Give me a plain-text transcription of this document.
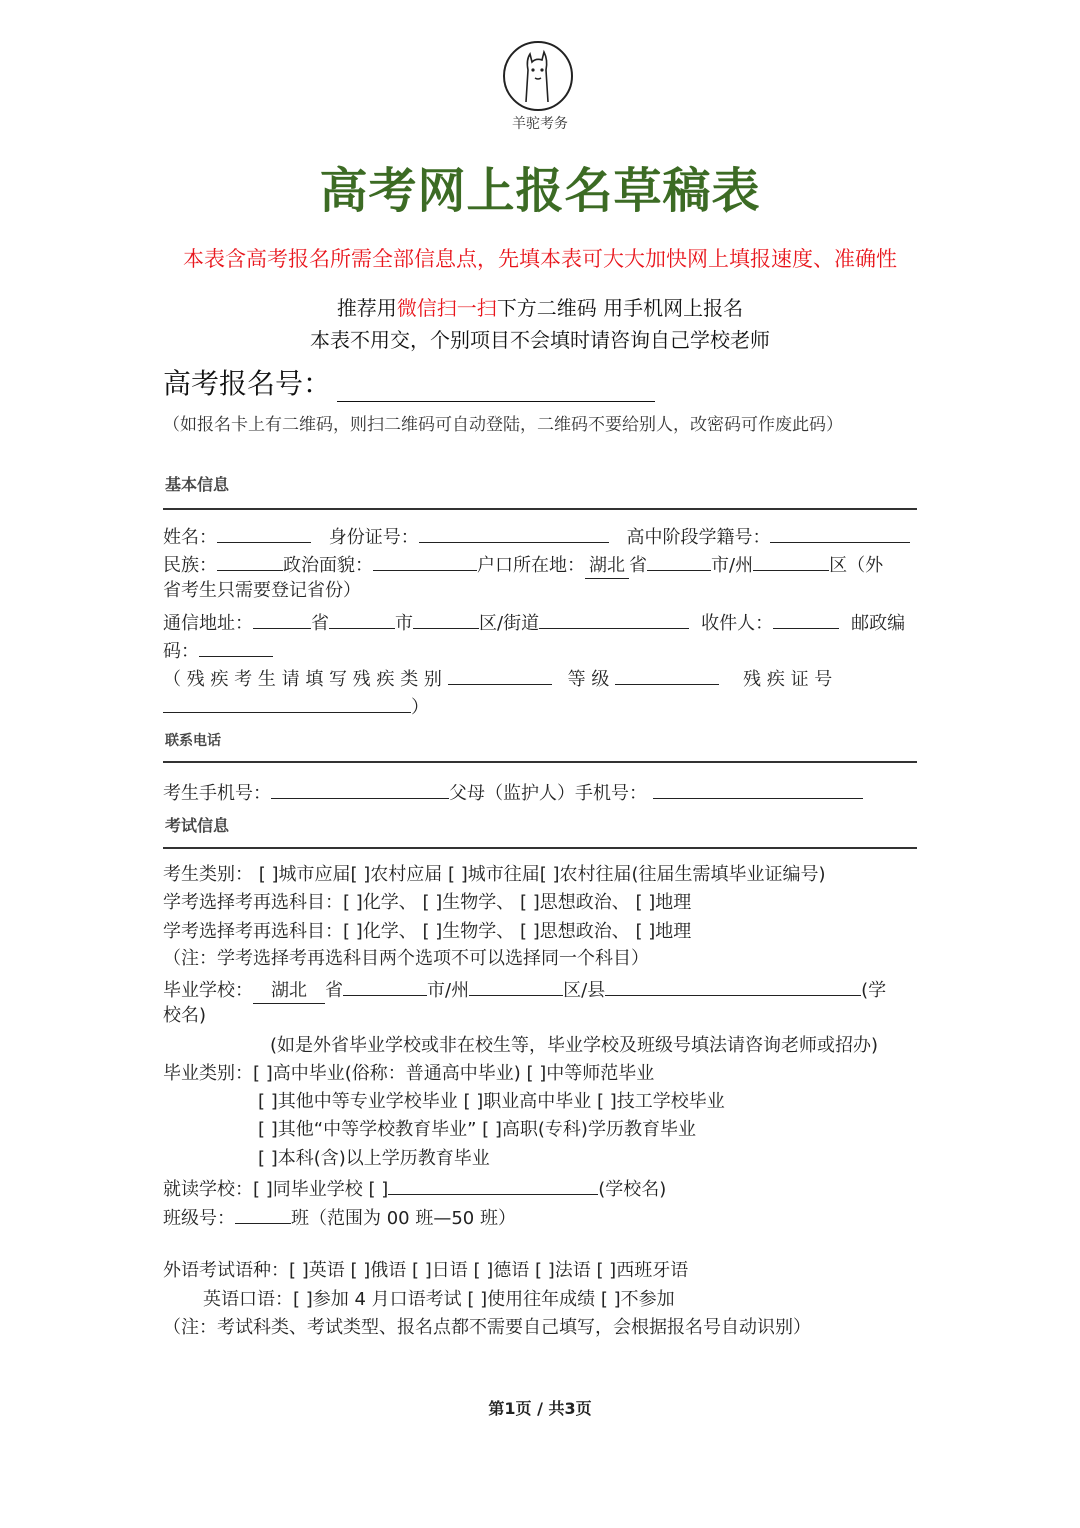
羊驼考务
高考网上报名草稿表
本表含高考报名所需全部信息点，先填本表可大大加快网上填报速度、准确性
推荐用微信扫一扫下方二维码 用手机网上报名
本表不用交，个别项目不会填时请咨询自己学校老师
高考报名号：
（如报名卡上有二维码，则扫二维码可自动登陆，二维码不要给别人，改密码可作废此码）
基本信息
姓名：	身份证号：	高中阶段学籍号：
民族：	政治面貌：	户口所在地： 湖北 省	市/州	区（外
省考生只需要登记省份）
通信地址：	省	市	区/街道	收件人：	邮政编
码：
（ 残 疾 考 生 请 填 写 残 疾 类 别	等 级	残 疾 证 号
）
联系电话
考生手机号：	父母（监护人）手机号：
考试信息
考生类别： [ ]城市应届[ ]农村应届 [ ]城市往届[ ]农村往届(往届生需填毕业证编号)
学考选择考再选科目：[ ]化学、 [ ]生物学、 [ ]思想政治、 [ ]地理
学考选择考再选科目：[ ]化学、 [ ]生物学、 [ ]思想政治、 [ ]地理
（注：学考选择考再选科目两个选项不可以选择同一个科目）
毕业学校： 湖北 省	市/州	区/县	(学
校名)
(如是外省毕业学校或非在校生等，毕业学校及班级号填法请咨询老师或招办)
毕业类别：[ ]高中毕业(俗称：普通高中毕业) [ ]中等师范毕业
[ ]其他中等专业学校毕业 [ ]职业高中毕业 [ ]技工学校毕业
[ ]其他“中等学校教育毕业” [ ]高职(专科)学历教育毕业
[ ]本科(含)以上学历教育毕业
就读学校：[ ]同毕业学校 [ ]	(学校名)
班级号：	班（范围为 00 班—50 班）
外语考试语种：[ ]英语 [ ]俄语 [ ]日语 [ ]德语 [ ]法语 [ ]西班牙语
英语口语：[ ]参加 4 月口语考试 [ ]使用往年成绩 [ ]不参加
（注：考试科类、考试类型、报名点都不需要自己填写，会根据报名号自动识别）
第1页 / 共3页
